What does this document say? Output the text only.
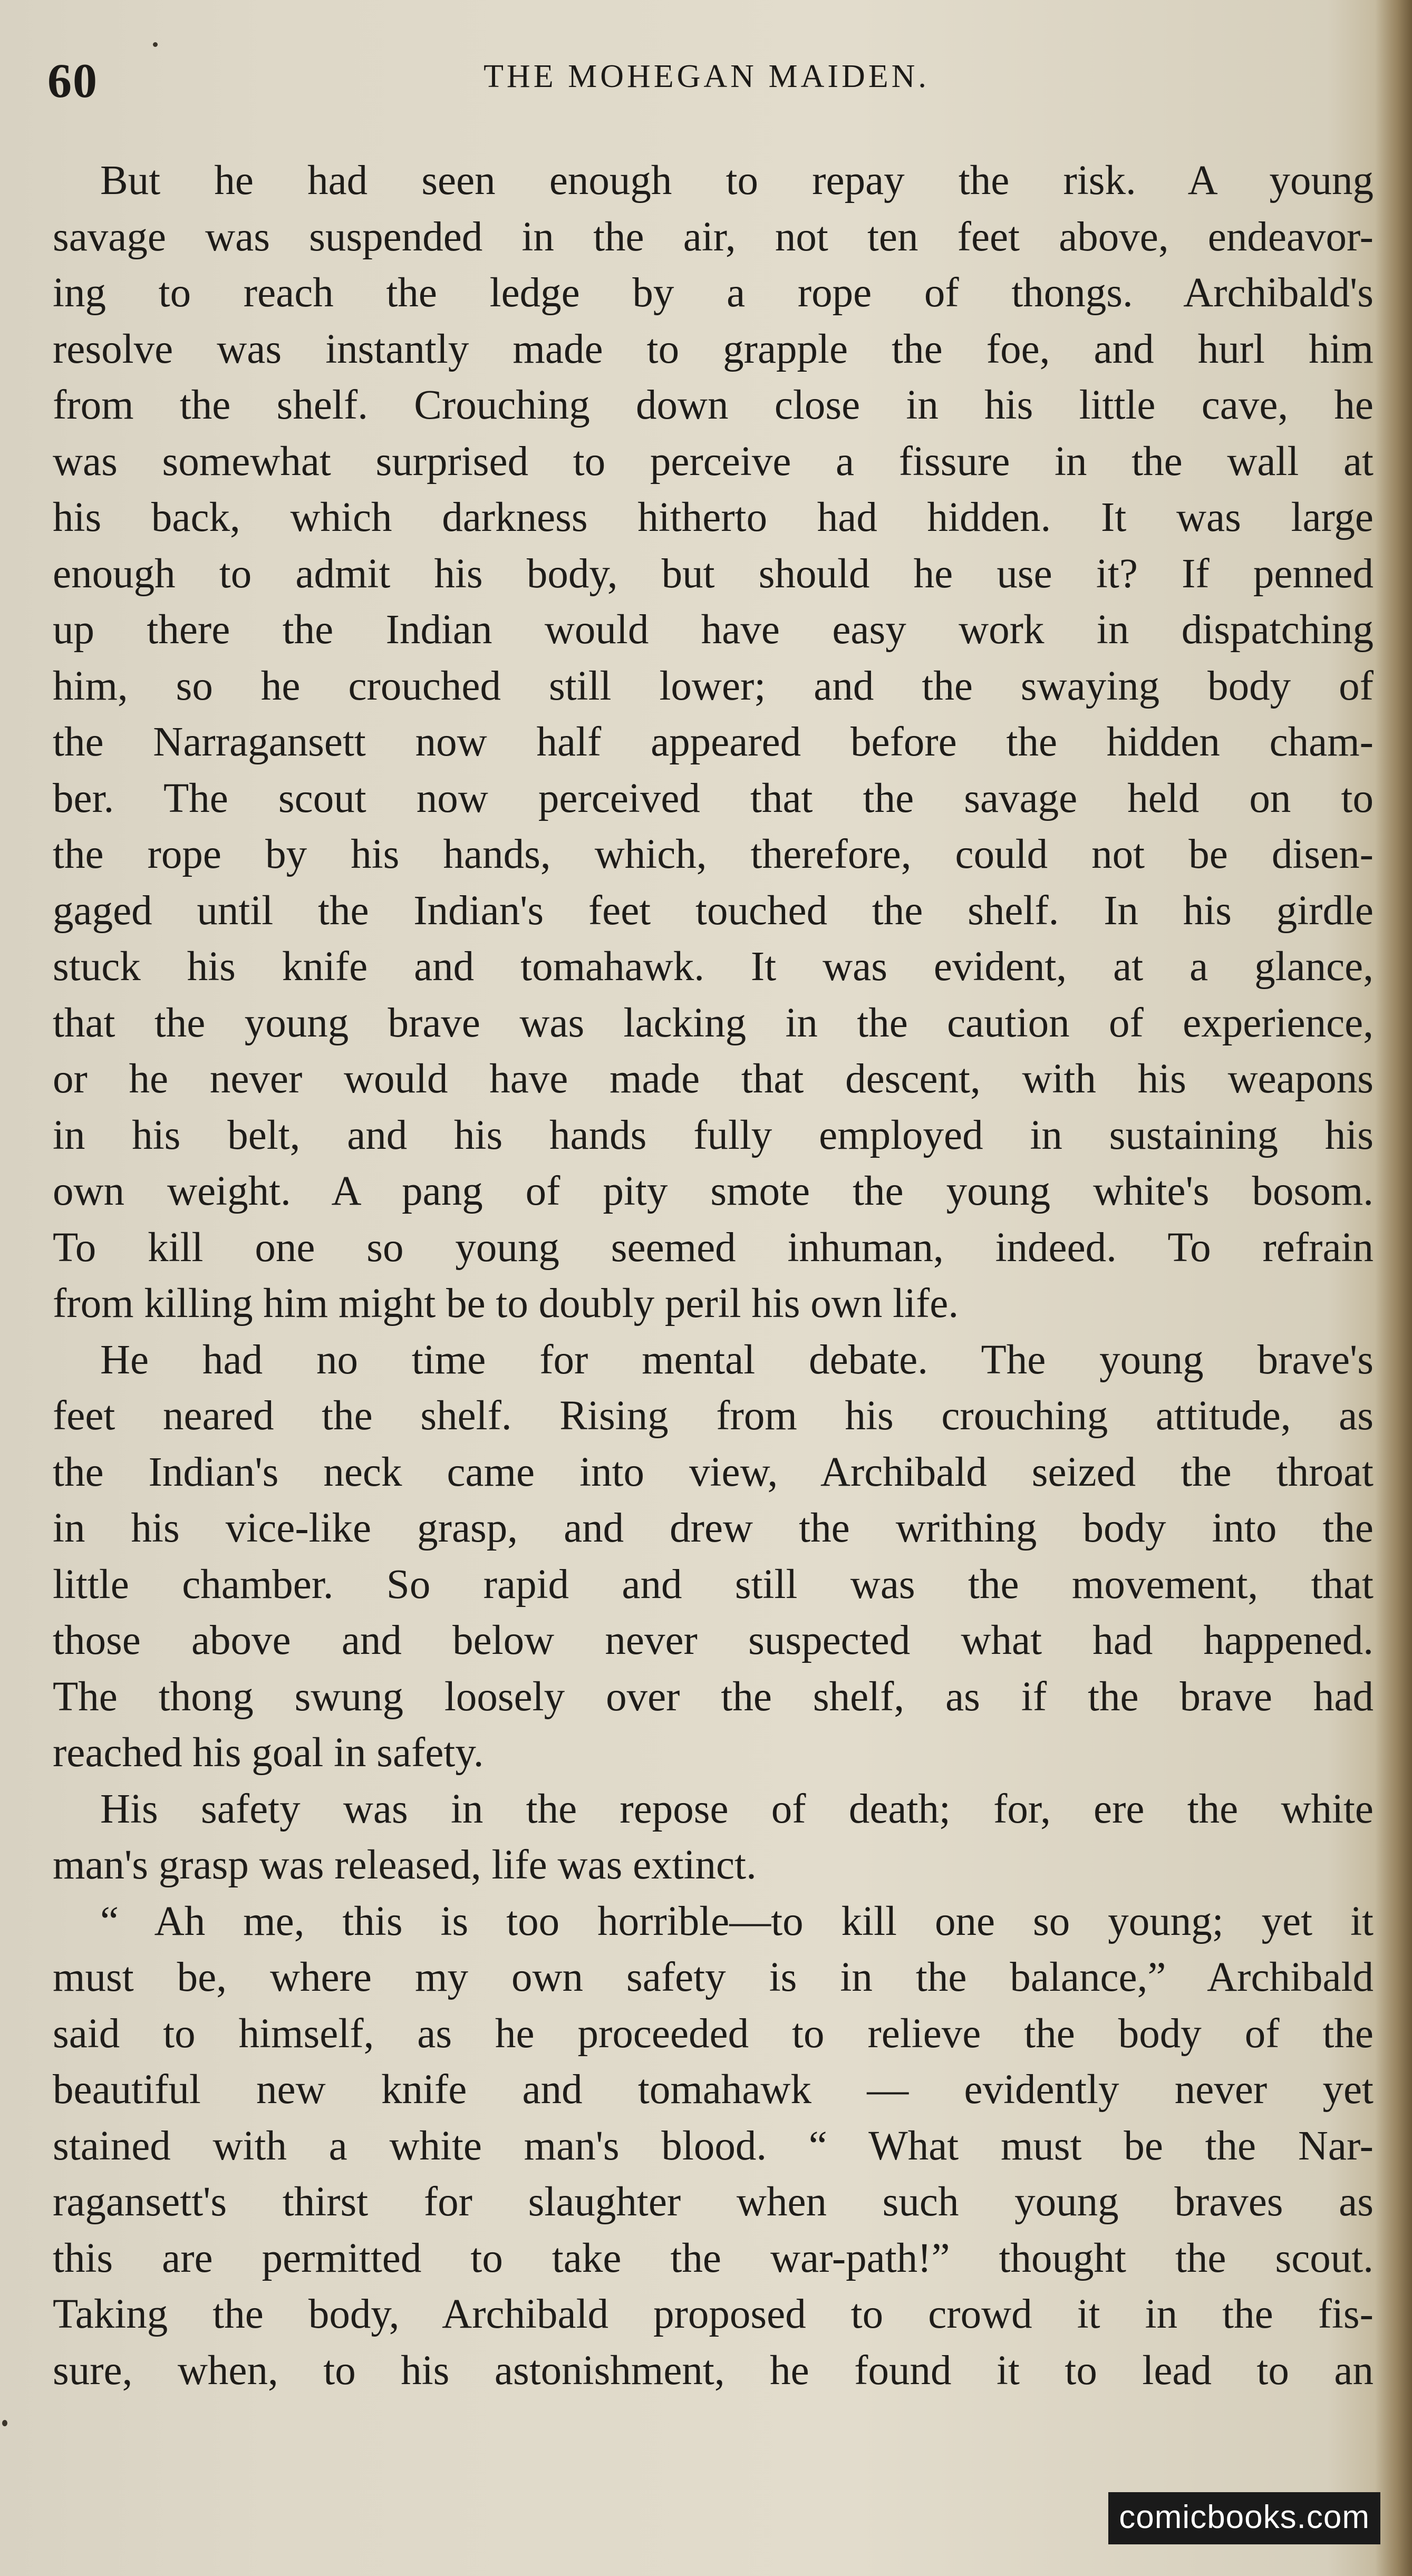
60	THE MOHEGAN MAIDEN.
But he had seen enough to repay the risk. A young
savage was suspended in the air, not ten feet above, endeavor-
ing to reach the ledge by a rope of thongs. Archibald's
resolve was instantly made to grapple the foe, and hurl him
from the shelf. Crouching down close in his little cave, he
was somewhat surprised to perceive a fissure in the wall at
his back, which darkness hitherto had hidden. It was large
enough to admit his body, but should he use it? If penned
up there the Indian would have easy work in dispatching
him, so he crouched still lower; and the swaying body of
the Narragansett now half appeared before the hidden cham-
ber. The scout now perceived that the savage held on to
the rope by his hands, which, therefore, could not be disen-
gaged until the Indian's feet touched the shelf. In his girdle
stuck his knife and tomahawk. It was evident, at a glance,
that the young brave was lacking in the caution of experience,
or he never would have made that descent, with his weapons
in his belt, and his hands fully employed in sustaining his
own weight. A pang of pity smote the young white's bosom.
To kill one so young seemed inhuman, indeed. To refrain
from killing him might be to doubly peril his own life.
He had no time for mental debate. The young brave's
feet neared the shelf. Rising from his crouching attitude, as
the Indian's neck came into view, Archibald seized the throat
in his vice-like grasp, and drew the writhing body into the
little chamber. So rapid and still was the movement, that
those above and below never suspected what had happened.
The thong swung loosely over the shelf, as if the brave had
reached his goal in safety.
His safety was in the repose of death; for, ere the white
man's grasp was released, life was extinct.
“ Ah me, this is too horrible—to kill one so young; yet it
must be, where my own safety is in the balance,” Archibald
said to himself, as he proceeded to relieve the body of the
beautiful new knife and tomahawk — evidently never yet
stained with a white man's blood. “ What must be the Nar-
ragansett's thirst for slaughter when such young braves as
this are permitted to take the war-path!” thought the scout.
Taking the body, Archibald proposed to crowd it in the fis-
sure, when, to his astonishment, he found it to lead to an
comicbooks.com
